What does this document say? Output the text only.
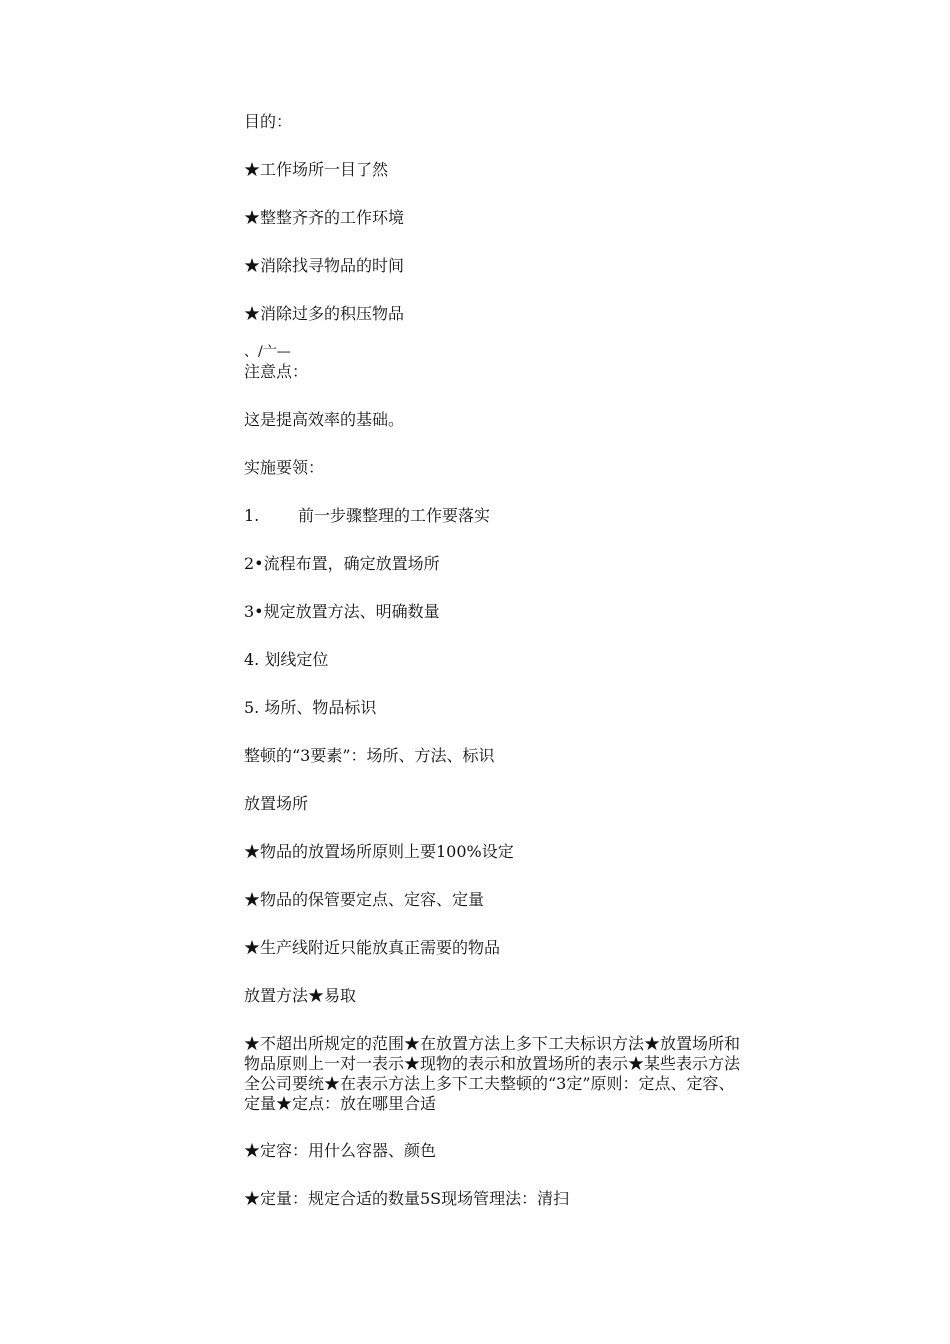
目的：
★工作场所一目了然
★整整齐齐的工作环境
★消除找寻物品的时间
★消除过多的积压物品
、/亠—
注意点：
这是提高效率的基础。
实施要领：
1. 前一步骤整理的工作要落实
2•流程布置，确定放置场所
3•规定放置方法、明确数量
4. 划线定位
5. 场所、物品标识
整顿的“3要素”：场所、方法、标识
放置场所
★物品的放置场所原则上要100%设定
★物品的保管要定点、定容、定量
★生产线附近只能放真正需要的物品
放置方法★易取
★不超出所规定的范围★在放置方法上多下工夫标识方法★放置场所和
物品原则上一对一表示★现物的表示和放置场所的表示★某些表示方法
全公司要统★在表示方法上多下工夫整顿的“3定”原则：定点、定容、
定量★定点：放在哪里合适
★定容：用什么容器、颜色
★定量：规定合适的数量5S现场管理法：清扫
